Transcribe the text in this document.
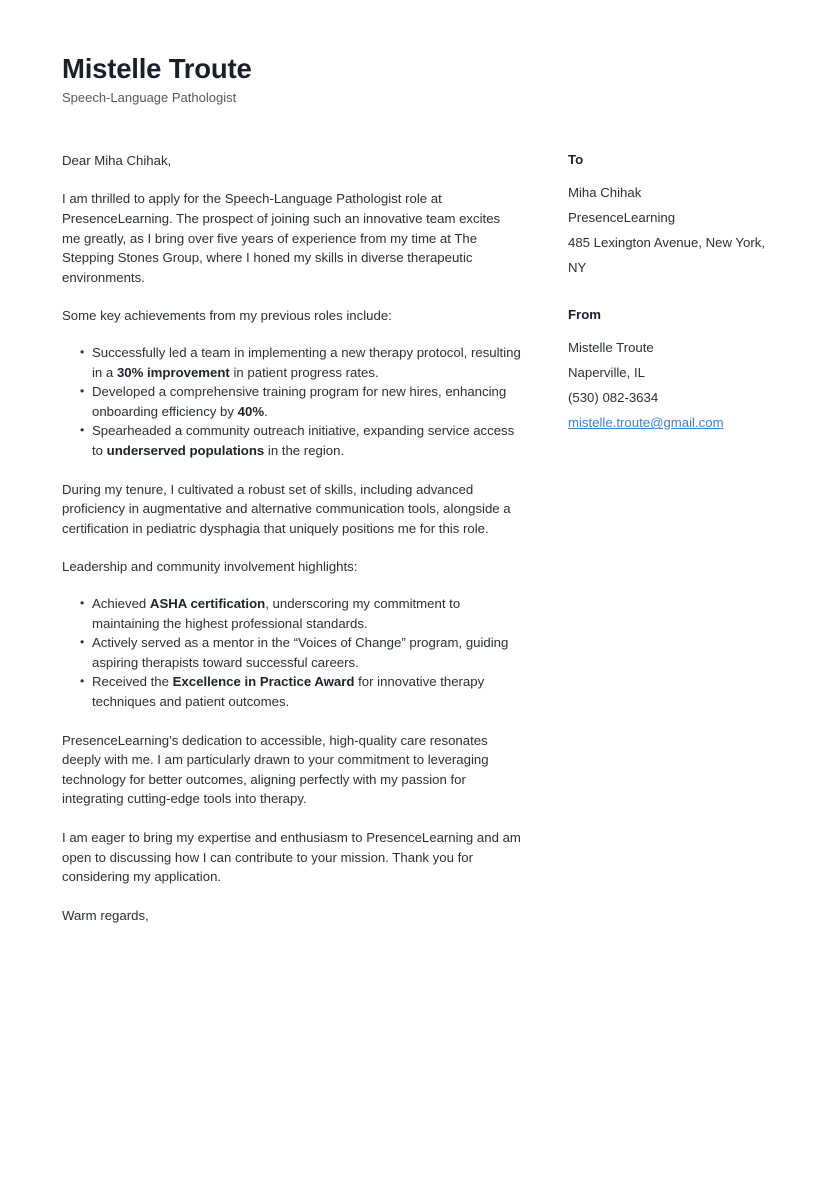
Mistelle Troute
Speech-Language Pathologist

Dear Miha Chihak,

I am thrilled to apply for the Speech-Language Pathologist role at PresenceLearning. The prospect of joining such an innovative team excites me greatly, as I bring over five years of experience from my time at The Stepping Stones Group, where I honed my skills in diverse therapeutic environments.

Some key achievements from my previous roles include:

• Successfully led a team in implementing a new therapy protocol, resulting in a 30% improvement in patient progress rates.
• Developed a comprehensive training program for new hires, enhancing onboarding efficiency by 40%.
• Spearheaded a community outreach initiative, expanding service access to underserved populations in the region.

During my tenure, I cultivated a robust set of skills, including advanced proficiency in augmentative and alternative communication tools, alongside a certification in pediatric dysphagia that uniquely positions me for this role.

Leadership and community involvement highlights:

• Achieved ASHA certification, underscoring my commitment to maintaining the highest professional standards.
• Actively served as a mentor in the “Voices of Change” program, guiding aspiring therapists toward successful careers.
• Received the Excellence in Practice Award for innovative therapy techniques and patient outcomes.

PresenceLearning’s dedication to accessible, high-quality care resonates deeply with me. I am particularly drawn to your commitment to leveraging technology for better outcomes, aligning perfectly with my passion for integrating cutting-edge tools into therapy.

I am eager to bring my expertise and enthusiasm to PresenceLearning and am open to discussing how I can contribute to your mission. Thank you for considering my application.

Warm regards,

To
Miha Chihak
PresenceLearning
485 Lexington Avenue, New York, NY
From
Mistelle Troute
Naperville, IL
(530) 082-3634
mistelle.troute@gmail.com
